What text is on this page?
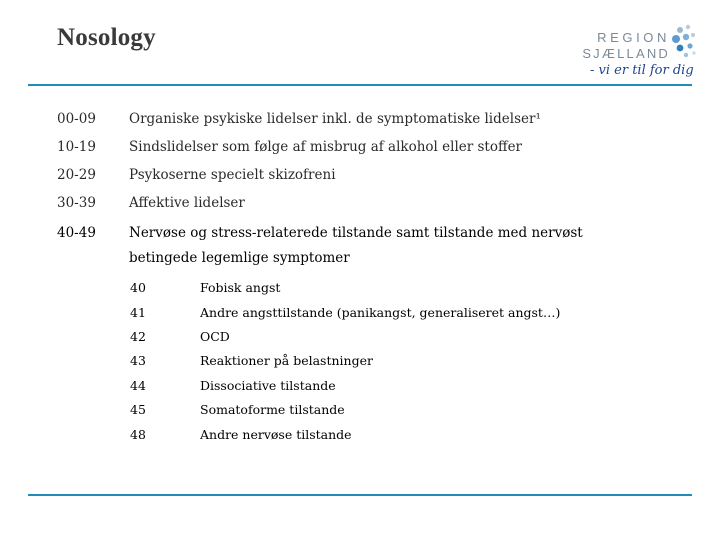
Nosology	REGION
SJÆLLAND
- vi er til for dig
00-09 Organiske psykiske lidelser inkl. de symptomatiske lidelser¹
10-19 Sindslidelser som følge af misbrug af alkohol eller stoffer
20-29 Psykoserne specielt skizofreni
30-39 Affektive lidelser
40-49 Nervøse og stress-relaterede tilstande samt tilstande med nervøst
betingede legemlige symptomer
40	Fobisk angst
41	Andre angsttilstande (panikangst, generaliseret angst…)
42	OCD
43	Reaktioner på belastninger
44	Dissociative tilstande
45	Somatoforme tilstande
48	Andre nervøse tilstande
